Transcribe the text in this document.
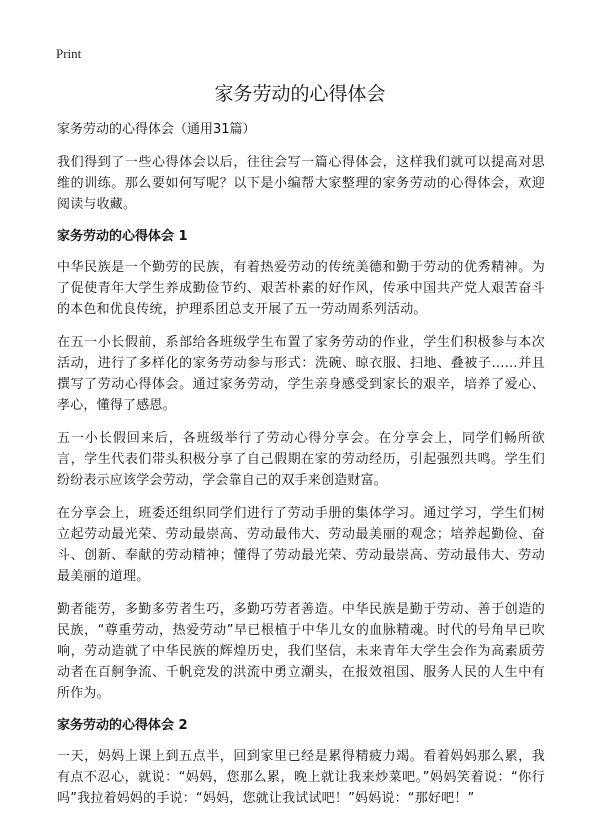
Print
家务劳动的心得体会
家务劳动的心得体会（通用31篇）

我们得到了一些心得体会以后，往往会写一篇心得体会，这样我们就可以提高对思维的训练。那么要如何写呢？以下是小编帮大家整理的家务劳动的心得体会，欢迎阅读与收藏。

家务劳动的心得体会 1

中华民族是一个勤劳的民族，有着热爱劳动的传统美德和勤于劳动的优秀精神。为了促使青年大学生养成勤俭节约、艰苦朴素的好作风，传承中国共产党人艰苦奋斗的本色和优良传统，护理系团总支开展了五一劳动周系列活动。

在五一小长假前，系部给各班级学生布置了家务劳动的作业，学生们积极参与本次活动，进行了多样化的家务劳动参与形式：洗碗、晾衣服、扫地、叠被子……并且撰写了劳动心得体会。通过家务劳动，学生亲身感受到家长的艰辛，培养了爱心、孝心，懂得了感恩。

五一小长假回来后，各班级举行了劳动心得分享会。在分享会上，同学们畅所欲言，学生代表们带头积极分享了自己假期在家的劳动经历，引起强烈共鸣。学生们纷纷表示应该学会劳动，学会靠自己的双手来创造财富。

在分享会上，班委还组织同学们进行了劳动手册的集体学习。通过学习，学生们树立起劳动最光荣、劳动最崇高、劳动最伟大、劳动最美丽的观念；培养起勤俭、奋斗、创新、奉献的劳动精神；懂得了劳动最光荣、劳动最崇高、劳动最伟大、劳动最美丽的道理。

勤者能劳，多勤多劳者生巧，多勤巧劳者善造。中华民族是勤于劳动、善于创造的民族，“尊重劳动，热爱劳动”早已根植于中华儿女的血脉精魂。时代的号角早已吹响，劳动造就了中华民族的辉煌历史，我们坚信，未来青年大学生会作为高素质劳动者在百舸争流、千帆竞发的洪流中勇立潮头，在报效祖国、服务人民的人生中有所作为。

家务劳动的心得体会 2

一天，妈妈上课上到五点半，回到家里已经是累得精疲力竭。看着妈妈那么累，我有点不忍心，就说：“妈妈，您那么累，晚上就让我来炒菜吧。”妈妈笑着说：“你行吗”我拉着妈妈的手说：“妈妈，您就让我试试吧！”妈妈说：“那好吧！”
